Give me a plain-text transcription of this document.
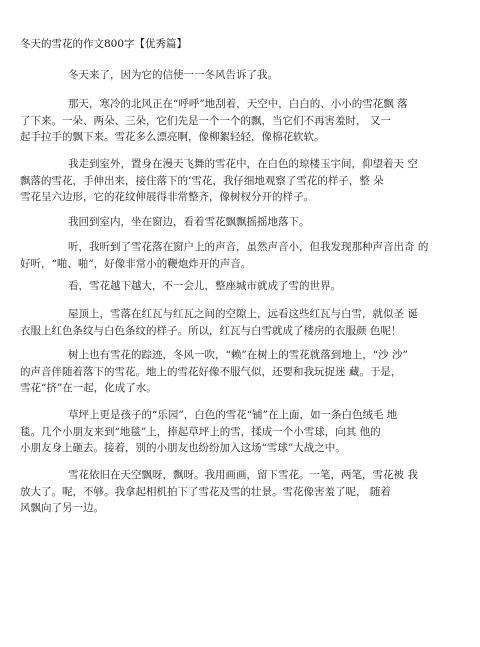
冬天的雪花的作文800字【优秀篇】
冬天来了，因为它的信使一一冬风告诉了我。
那天，寒冷的北风正在“呼呼”地刮着，天空中，白白的、小小的雪花飘 落
了下来。一朵、两朵、三朵，它们先是一个一个的飘，当它们不再害羞时， 又一
起手拉手的飘下来。雪花多么漂亮啊，像柳絮轻轻，像棉花软软。
我走到室外，置身在漫天飞舞的雪花中，在白色的琼楼玉宇间，仰望着天 空
飘落的雪花，手伸出来，接住落下的‘雪花，我仔细地观察了雪花的样子，整 朵
雪花呈六边形，它的花纹伸展得非常整齐，像树杈分开的样子。
我回到室内，坐在窗边，看着雪花飘飘摇摇地落下。
听，我听到了雪花落在窗户上的声音，虽然声音小，但我发现那种声音出奇 的
好听，“啪、啪”，好像非常小的鞭炮炸开的声音。
看，雪花越下越大，不一会儿，整座城市就成了雪的世界。
屋顶上，雪落在红瓦与红瓦之间的空隙上，远看这些红瓦与白雪，就似圣 诞
衣服上红色条纹与白色条纹的样子。所以，红瓦与白雪就成了楼房的衣服颜 色呢！
树上也有雪花的踪迹，冬风一吹，“赖”在树上的雪花就落到地上，“沙 沙”
的声音伴随着落下的雪花。地上的雪花好像不服气似，还要和我玩捉迷 藏。于是，
雪花“挤”在一起，化成了水。
草坪上更是孩子的“乐园”，白色的雪花“铺”在上面，如一条白色绒毛 地
毯。几个小朋友来到“地毯”上，捧起草坪上的雪，揉成一个小雪球，向其 他的
小朋友身上砸去。接着，别的小朋友也纷纷加入这场“雪球”大战之中。
雪花依旧在天空飘呀，飘呀。我用画画，留下雪花。一笔，两笔，雪花被 我
放大了。呢，不够。我拿起相机拍下了雪花及雪的壮景。雪花像害羞了呢， 随着
风飘向了另一边。
